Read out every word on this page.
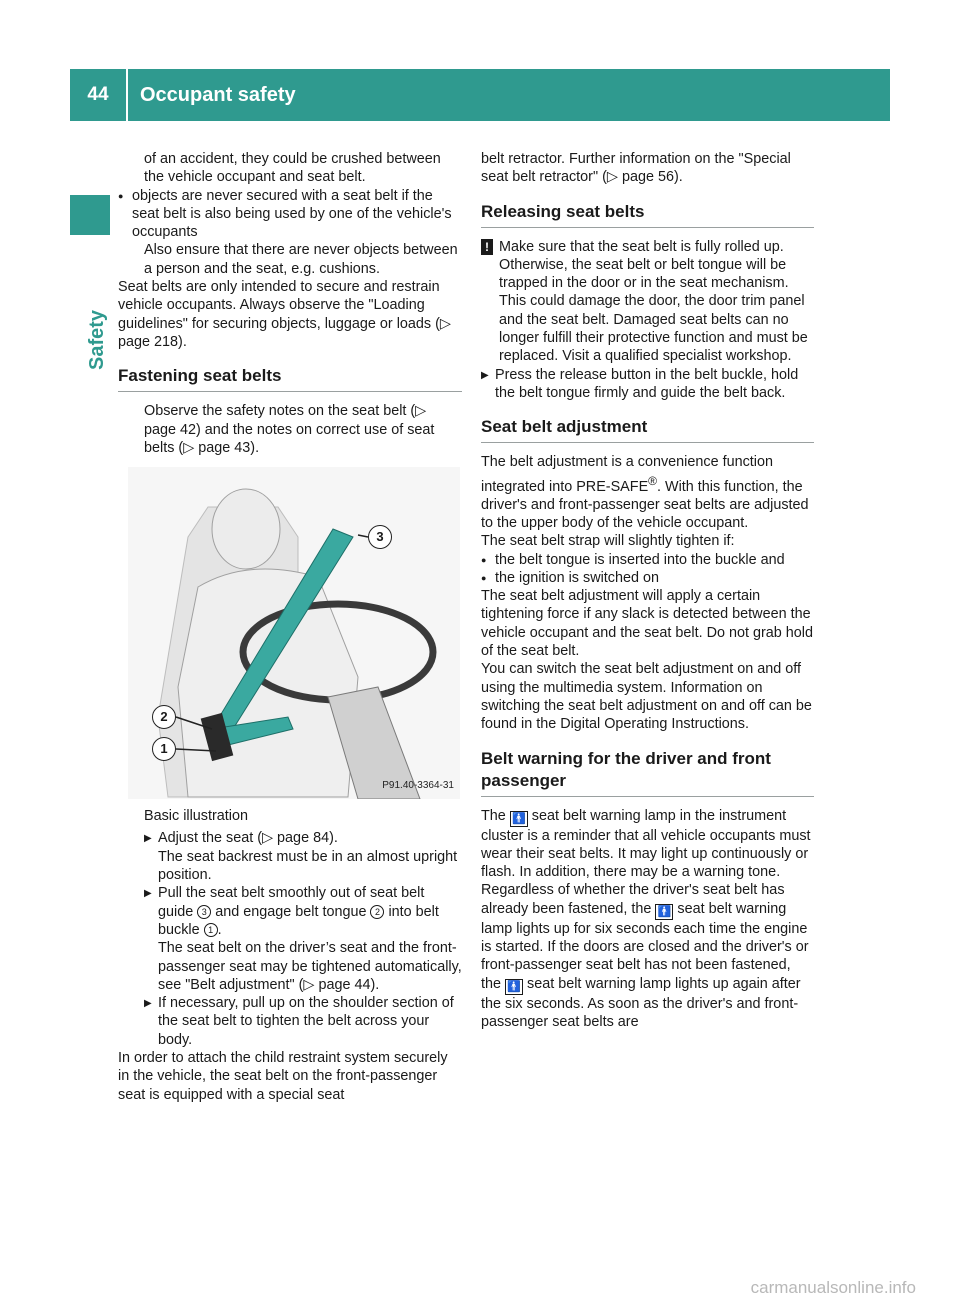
44	Occupant safety
Safety

of an accident, they could be crushed between the vehicle occupant and seat belt.

● objects are never secured with a seat belt if the seat belt is also being used by one of the vehicle's occupants

Also ensure that there are never objects between a person and the seat, e.g. cushions.

Seat belts are only intended to secure and restrain vehicle occupants. Always observe the "Loading guidelines" for securing objects, luggage or loads (▷ page 218).

Fastening seat belts

Observe the safety notes on the seat belt (▷ page 42) and the notes on correct use of seat belts (▷ page 43).

3
2
1
P91.40-3364-31

Basic illustration

▶ Adjust the seat (▷ page 84).

The seat backrest must be in an almost upright position.

▶ Pull the seat belt smoothly out of seat belt guide 3 and engage belt tongue 2 into belt buckle 1 .

The seat belt on the driver’s seat and the front-passenger seat may be tightened automatically, see "Belt adjustment" (▷ page 44).

▶ If necessary, pull up on the shoulder section of the seat belt to tighten the belt across your body.

In order to attach the child restraint system securely in the vehicle, the seat belt on the front-passenger seat is equipped with a special seat

belt retractor. Further information on the "Special seat belt retractor" (▷ page 56).

Releasing seat belts

! Make sure that the seat belt is fully rolled up. Otherwise, the seat belt or belt tongue will be trapped in the door or in the seat mechanism. This could damage the door, the door trim panel and the seat belt. Damaged seat belts can no longer fulfill their protective function and must be replaced. Visit a qualified specialist workshop.

▶ Press the release button in the belt buckle, hold the belt tongue firmly and guide the belt back.

Seat belt adjustment

The belt adjustment is a convenience function integrated into PRE-SAFE®. With this function, the driver's and front-passenger seat belts are adjusted to the upper body of the vehicle occupant.

The seat belt strap will slightly tighten if:

● the belt tongue is inserted into the buckle and

● the ignition is switched on

The seat belt adjustment will apply a certain tightening force if any slack is detected between the vehicle occupant and the seat belt. Do not grab hold of the seat belt.

You can switch the seat belt adjustment on and off using the multimedia system. Information on switching the seat belt adjustment on and off can be found in the Digital Operating Instructions.

Belt warning for the driver and front passenger

The 🚹 seat belt warning lamp in the instrument cluster is a reminder that all vehicle occupants must wear their seat belts. It may light up continuously or flash. In addition, there may be a warning tone.

Regardless of whether the driver's seat belt has already been fastened, the 🚹 seat belt warning lamp lights up for six seconds each time the engine is started. If the doors are closed and the driver's or front-passenger seat belt has not been fastened, the 🚹 seat belt warning lamp lights up again after the six seconds. As soon as the driver's and front-passenger seat belts are

carmanualsonline.info
